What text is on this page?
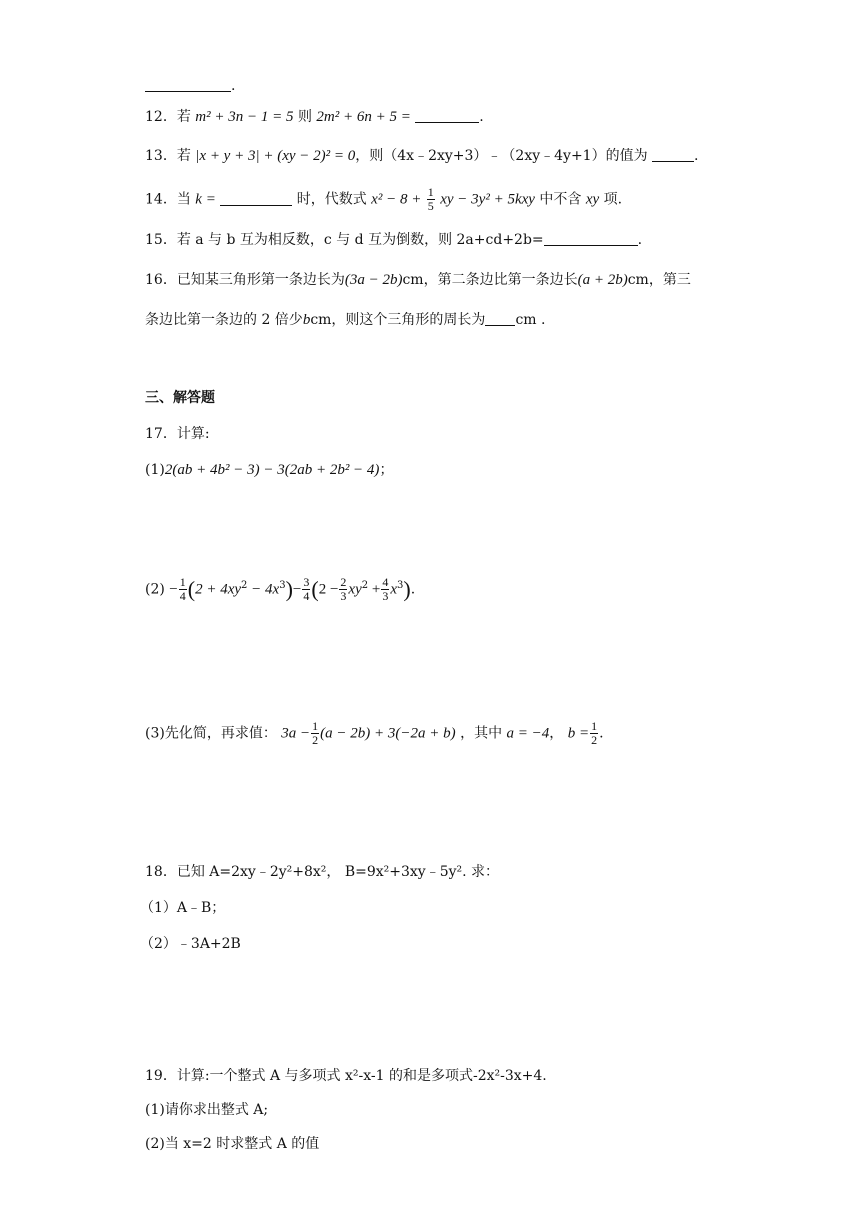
.
12．若 m² + 3n − 1 = 5 则 2m² + 6n + 5 =	.
13．若 |x + y + 3| + (xy − 2)² = 0，则（4x﹣2xy+3）﹣（2xy﹣4y+1）的值为	.
14．当 k =	时，代数式 $x^2 - 8 + \frac{1}{5}$ xy − 3y² + 5kxy 中不含 xy 项.
15．若 a 与 b 互为相反数，c 与 d 互为倒数，则 2a+cd+2b=	.
16．已知某三角形第一条边长为(3a − 2b)cm，第二条边比第一条边长(a + 2b)cm，第三
条边比第一条边的 2 倍少bcm，则这个三角形的周长为 cm .
三、解答题
17．计算:
(1)2(ab + 4b² − 3) − 3(2ab + 2b² − 4)；
$(2) - \frac{1}{4} (2 + 4xy^2 - 4x^3)- \frac{3}{4} (2 - \frac{2}{3} xy^2 + \frac{4}{3} x^3)$.
(3)先化简，再求值： $3a - \frac{1}{2} (a - 2b) + 3(-2a + b)$ ，其中 a = −4， $b = \frac{1}{2}$ .
18．已知 A=2xy﹣2y²+8x²， B=9x²+3xy﹣5y². 求：
（1）A﹣B；
（2）﹣3A+2B
19．计算:一个整式 A 与多项式 x²-x-1 的和是多项式-2x²-3x+4.
(1)请你求出整式 A;
(2)当 x=2 时求整式 A 的值
